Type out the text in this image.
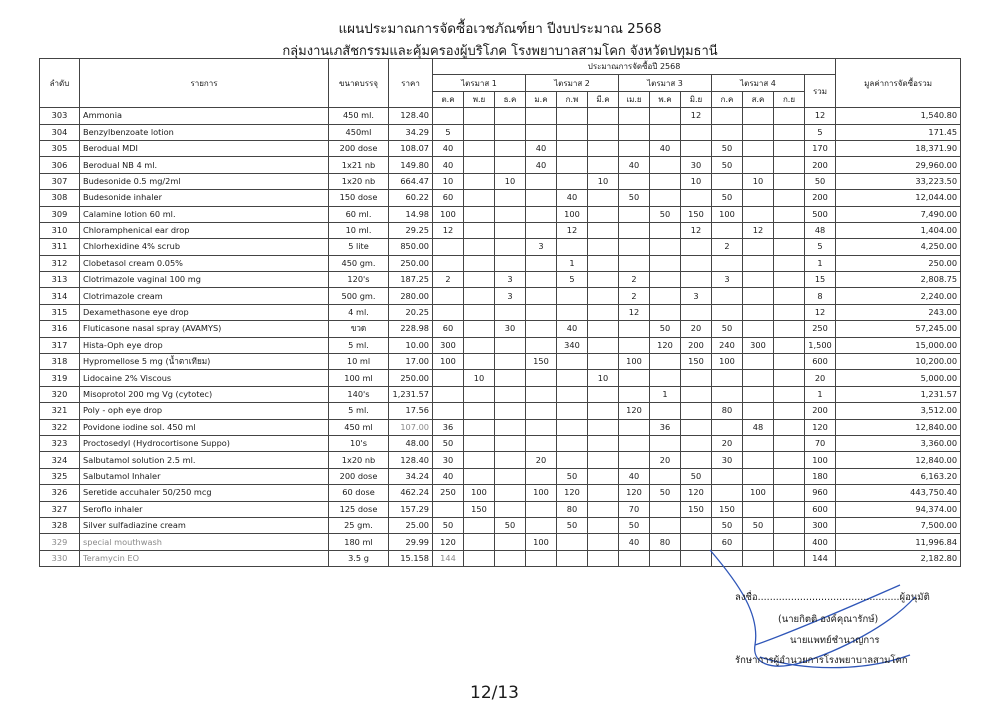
แผนประมาณการจัดซื้อเวชภัณฑ์ยา ปีงบประมาณ 2568
กลุ่มงานเภสัชกรรมและคุ้มครองผู้บริโภค โรงพยาบาลสามโคก จังหวัดปทุมธานี
ลำดับ	รายการ	ขนาดบรรจุ	ราคา	ประมาณการจัดซื้อปี 2568													มูลค่าการจัดซื้อรวม
				ไตรมาส 1			ไตรมาส 2			ไตรมาส 3			ไตรมาส 4			รวม	
				ต.ค	พ.ย	ธ.ค	ม.ค	ก.พ	มี.ค	เม.ย	พ.ค	มิ.ย	ก.ค	ส.ค	ก.ย		
303	Ammonia	450 ml.	128.40									12				12	1,540.80
304	Benzylbenzoate lotion	450ml	34.29	5												5	171.45
305	Berodual MDI	200 dose	108.07	40			40				40		50			170	18,371.90
306	Berodual NB 4 ml.	1x21 nb	149.80	40			40			40		30	50			200	29,960.00
307	Budesonide 0.5 mg/2ml	1x20 nb	664.47	10		10			10			10		10		50	33,223.50
308	Budesonide inhaler	150 dose	60.22	60				40		50			50			200	12,044.00
309	Calamine lotion 60 ml.	60 ml.	14.98	100				100			50	150	100			500	7,490.00
310	Chloramphenical ear drop	10 ml.	29.25	12				12				12		12		48	1,404.00
311	Chlorhexidine 4% scrub	5 lite	850.00				3						2			5	4,250.00
312	Clobetasol cream 0.05%	450 gm.	250.00					1								1	250.00
313	Clotrimazole vaginal 100 mg	120's	187.25	2		3		5		2			3			15	2,808.75
314	Clotrimazole cream	500 gm.	280.00			3				2		3				8	2,240.00
315	Dexamethasone eye drop	4 ml.	20.25							12						12	243.00
316	Fluticasone nasal spray (AVAMYS)	ขวด	228.98	60		30		40			50	20	50			250	57,245.00
317	Hista-Oph eye drop	5 ml.	10.00	300				340			120	200	240	300		1,500	15,000.00
318	Hypromellose 5 mg (น้ำตาเทียม)	10 ml	17.00	100			150			100		150	100			600	10,200.00
319	Lidocaine 2% Viscous	100 ml	250.00		10				10							20	5,000.00
320	Misoprotol 200 mg Vg (cytotec)	140's	1,231.57								1					1	1,231.57
321	Poly - oph eye drop	5 ml.	17.56							120			80			200	3,512.00
322	Povidone iodine sol. 450 ml	450 ml	107.00	36							36			48		120	12,840.00
323	Proctosedyl (Hydrocortisone Suppo)	10's	48.00	50									20			70	3,360.00
324	Salbutamol solution 2.5 ml.	1x20 nb	128.40	30			20				20		30			100	12,840.00
325	Salbutamol Inhaler	200 dose	34.24	40				50		40		50				180	6,163.20
326	Seretide accuhaler 50/250 mcg	60 dose	462.24	250	100		100	120		120	50	120		100		960	443,750.40
327	Seroflo inhaler	125 dose	157.29		150			80		70		150	150			600	94,374.00
328	Silver sulfadiazine cream	25 gm.	25.00	50		50		50		50			50	50		300	7,500.00
329	special mouthwash	180 ml	29.99	120			100			40	80		60			400	11,996.84
330	Teramycin EO	3.5 g	15.158	144												144	2,182.80
ลงชื่อ...............................................ผู้อนุมัติ
(นายกิตติ องค์คุณารักษ์)
นายแพทย์ชำนาญการ
รักษาการผู้อำนวยการโรงพยาบาลสามโคก
12/13
